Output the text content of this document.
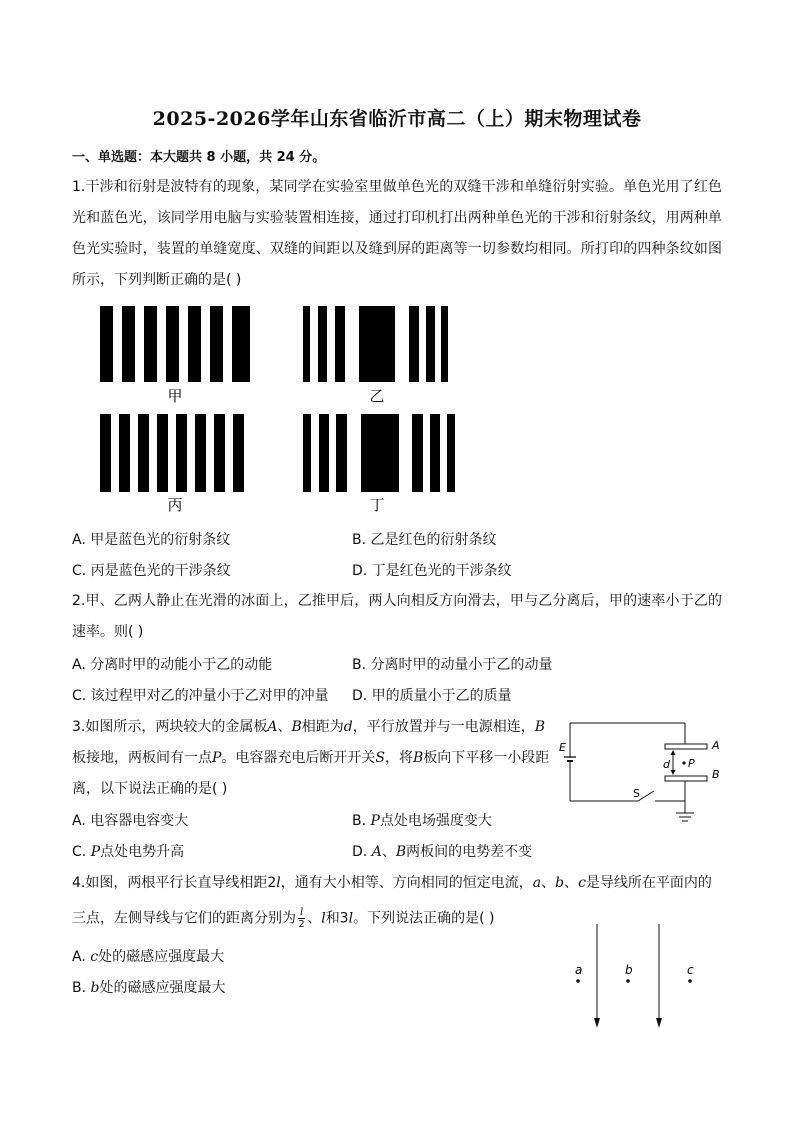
2025-2026学年山东省临沂市高二（上）期末物理试卷
一、单选题：本大题共 8 小题，共 24 分。
1.干涉和衍射是波特有的现象，某同学在实验室里做单色光的双缝干涉和单缝衍射实验。单色光用了红色光和蓝色光，该同学用电脑与实验装置相连接，通过打印机打出两种单色光的干涉和衍射条纹，用两种单色光实验时，装置的单缝宽度、双缝的间距以及缝到屏的距离等一切参数均相同。所打印的四种条纹如图所示，下列判断正确的是( )
甲	乙
丙	丁
A. 甲是蓝色光的衍射条纹	B. 乙是红色的衍射条纹
C. 丙是蓝色光的干涉条纹	D. 丁是红色光的干涉条纹
2.甲、乙两人静止在光滑的冰面上，乙推甲后，两人向相反方向滑去，甲与乙分离后，甲的速率小于乙的速率。则( )
A. 分离时甲的动能小于乙的动能	B. 分离时甲的动量小于乙的动量
C. 该过程甲对乙的冲量小于乙对甲的冲量 D. 甲的质量小于乙的质量
3.如图所示，两块较大的金属板A、B相距为d，平行放置并与一电源相连，B
板接地，两板间有一点P。电容器充电后断开开关S，将B板向下平移一小段距
离，以下说法正确的是( )
E	A
d P
B
S
A. 电容器电容变大	B. P点处电场强度变大
C. P点处电势升高	D. A、B两板间的电势差不变
4.如图，两根平行长直导线相距2l，通有大小相等、方向相同的恒定电流，a、b、c是导线所在平面内的
三点，左侧导线与它们的距离分别为 $\frac{l}{2}$ 、l和3l。下列说法正确的是( )
a	b	c
A. c处的磁感应强度最大
B. b处的磁感应强度最大
